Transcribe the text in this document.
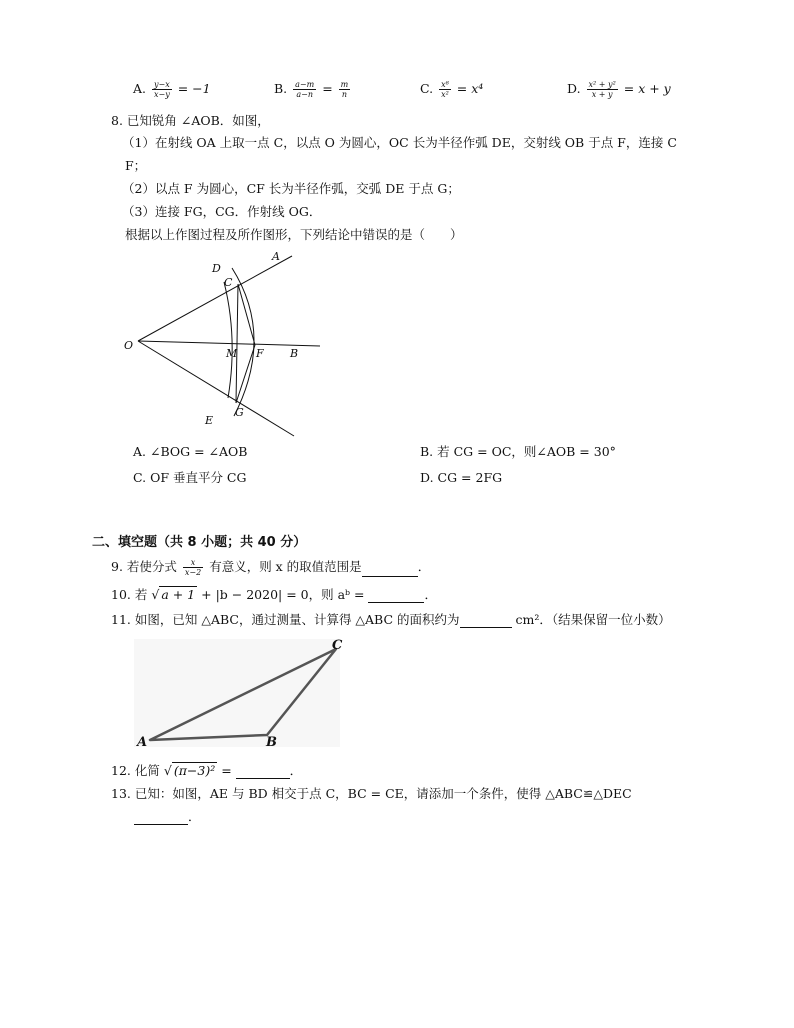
A. $\frac{y-x}{x-y} = -1$	B. $\frac{a-m}{a-n} = \frac{m}{n}$	C. $\frac{\text{x⁸}}{\text{x²}} = x^4$	D. $\frac{\text{x² + y²}}{x + y} = x + y$
8. 已知锐角 ∠AOB．如图，
（1）在射线 OA 上取一点 C，以点 O 为圆心，OC 长为半径作弧 DE，交射线 OB 于点 F，连接 C
F；
（2）以点 F 为圆心，CF 长为半径作弧，交弧 DE 于点 G；
（3）连接 FG，CG．作射线 OG．
根据以上作图过程及所作图形，下列结论中错误的是（　　）
D
A
C
O
M F B
G
E
A. ∠BOG = ∠AOB	B. 若 CG = OC，则∠AOB = 30°
C. OF 垂直平分 CG	D. CG = 2FG
二、填空题（共 8 小题；共 40 分）
9. 若使分式 $\frac{x}{x-2}$ 有意义，则 x 的取值范围是	．
10. 若 √ a + 1 + |b − 2020| = 0，则 aᵇ =	．
11. 如图，已知 △ABC，通过测量、计算得 △ABC 的面积约为	cm²．（结果保留一位小数）
A	B
C
12. 化简 √ (π−3)² =	．
13. 已知：如图，AE 与 BD 相交于点 C，BC = CE，请添加一个条件，使得 △ABC≌△DEC
．
